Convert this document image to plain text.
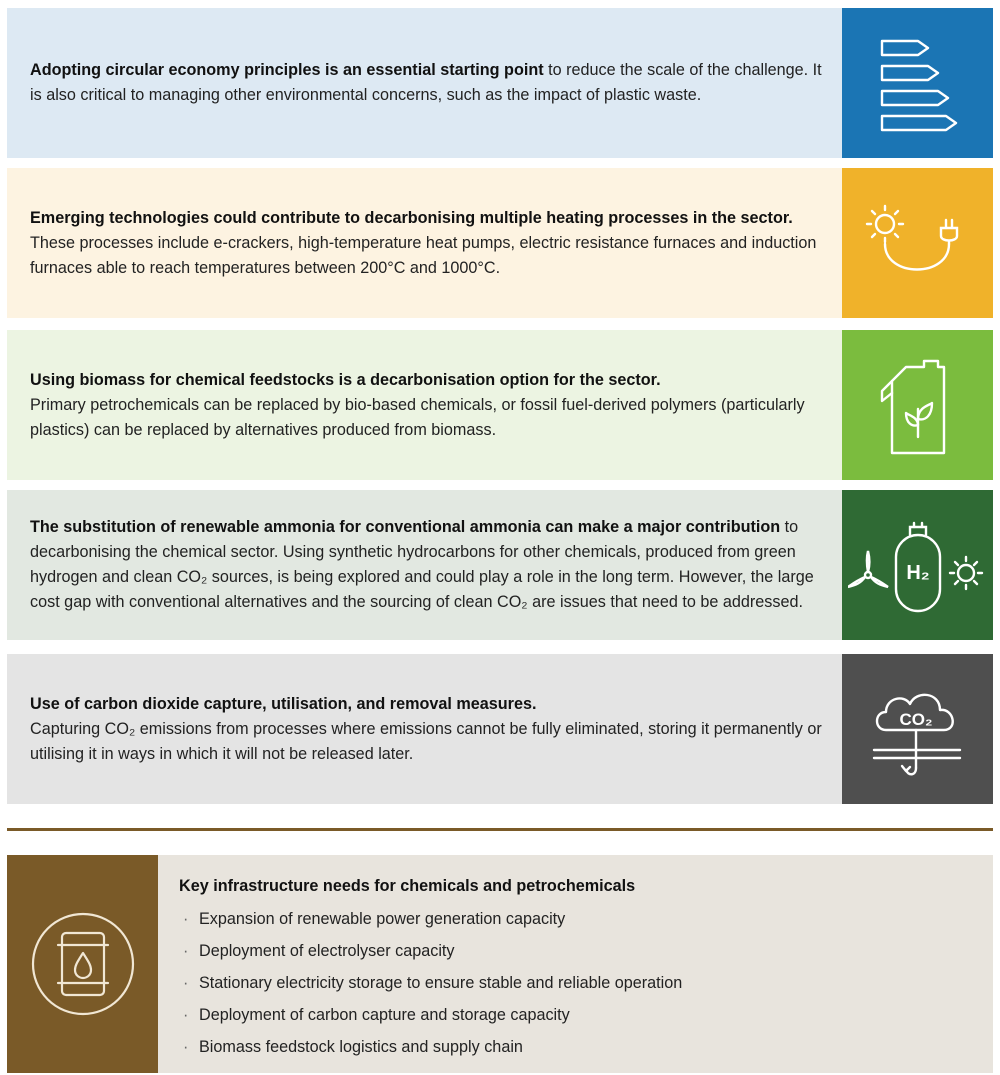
Adopting circular economy principles is an essential starting point to reduce the scale of the challenge. It is also critical to managing other environmental concerns, such as the impact of plastic waste.
Emerging technologies could contribute to decarbonising multiple heating processes in the sector. These processes include e-crackers, high-temperature heat pumps, electric resistance furnaces and induction furnaces able to reach temperatures between 200°C and 1000°C.
Using biomass for chemical feedstocks is a decarbonisation option for the sector.
Primary petrochemicals can be replaced by bio-based chemicals, or fossil fuel-derived polymers (particularly plastics) can be replaced by alternatives produced from biomass.
The substitution of renewable ammonia for conventional ammonia can make a major contribution to decarbonising the chemical sector. Using synthetic hydrocarbons for other chemicals, produced from green hydrogen and clean CO₂ sources, is being explored and could play a role in the long term. However, the large cost gap with conventional alternatives and the sourcing of clean CO₂ are issues that need to be addressed.
H₂
Use of carbon dioxide capture, utilisation, and removal measures.
Capturing CO₂ emissions from processes where emissions cannot be fully eliminated, storing it permanently or utilising it in ways in which it will not be released later.
CO₂
Key infrastructure needs for chemicals and petrochemicals
· Expansion of renewable power generation capacity
· Deployment of electrolyser capacity
· Stationary electricity storage to ensure stable and reliable operation
· Deployment of carbon capture and storage capacity
· Biomass feedstock logistics and supply chain
